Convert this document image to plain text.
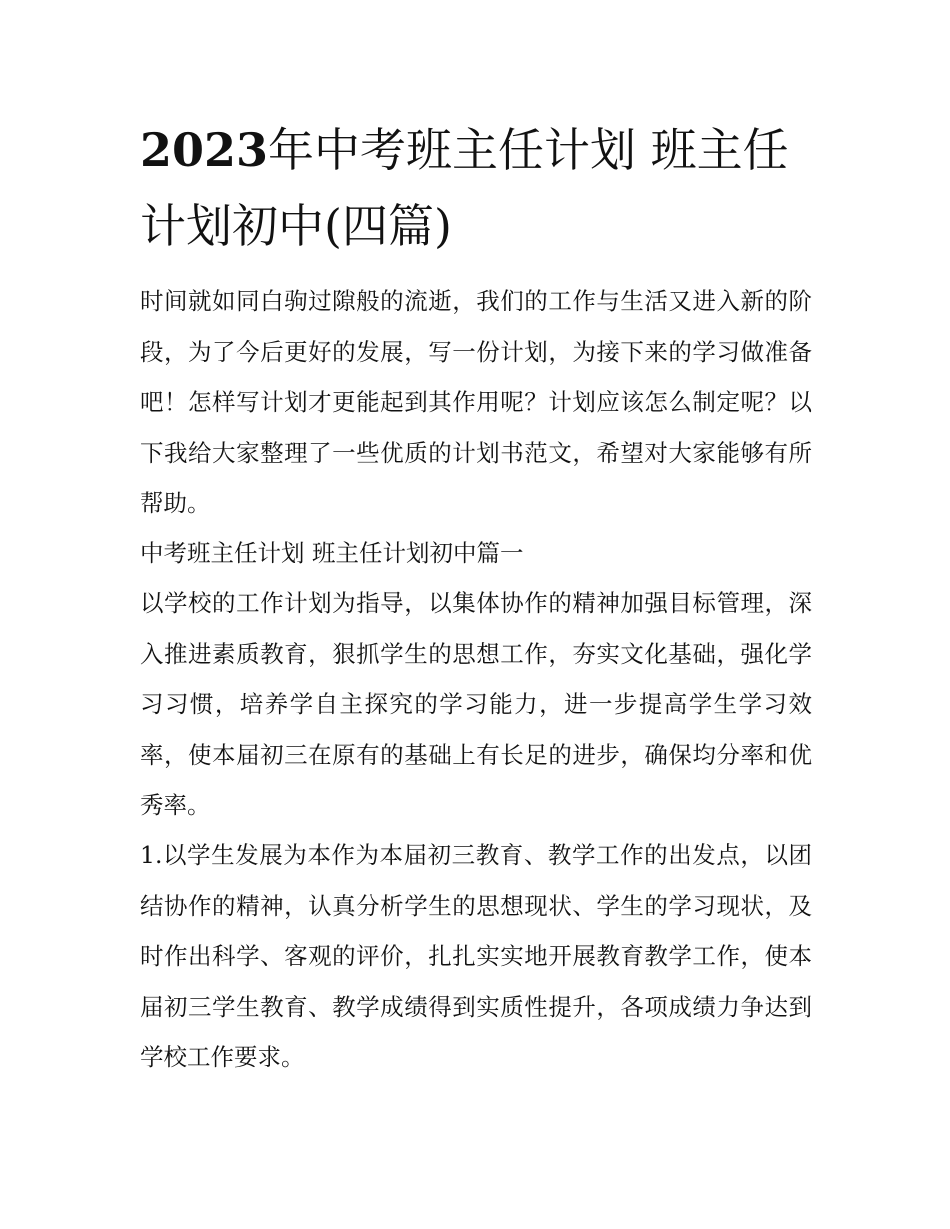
2023年中考班主任计划 班主任计划初中(四篇)

时间就如同白驹过隙般的流逝，我们的工作与生活又进入新的阶段，为了今后更好的发展，写一份计划，为接下来的学习做准备吧！怎样写计划才更能起到其作用呢？计划应该怎么制定呢？以下我给大家整理了一些优质的计划书范文，希望对大家能够有所帮助。

中考班主任计划 班主任计划初中篇一

以学校的工作计划为指导，以集体协作的精神加强目标管理，深入推进素质教育，狠抓学生的思想工作，夯实文化基础，强化学习习惯，培养学自主探究的学习能力，进一步提高学生学习效率，使本届初三在原有的基础上有长足的进步，确保均分率和优秀率。

1.以学生发展为本作为本届初三教育、教学工作的出发点，以团结协作的精神，认真分析学生的思想现状、学生的学习现状，及时作出科学、客观的评价，扎扎实实地开展教育教学工作，使本届初三学生教育、教学成绩得到实质性提升，各项成绩力争达到学校工作要求。
